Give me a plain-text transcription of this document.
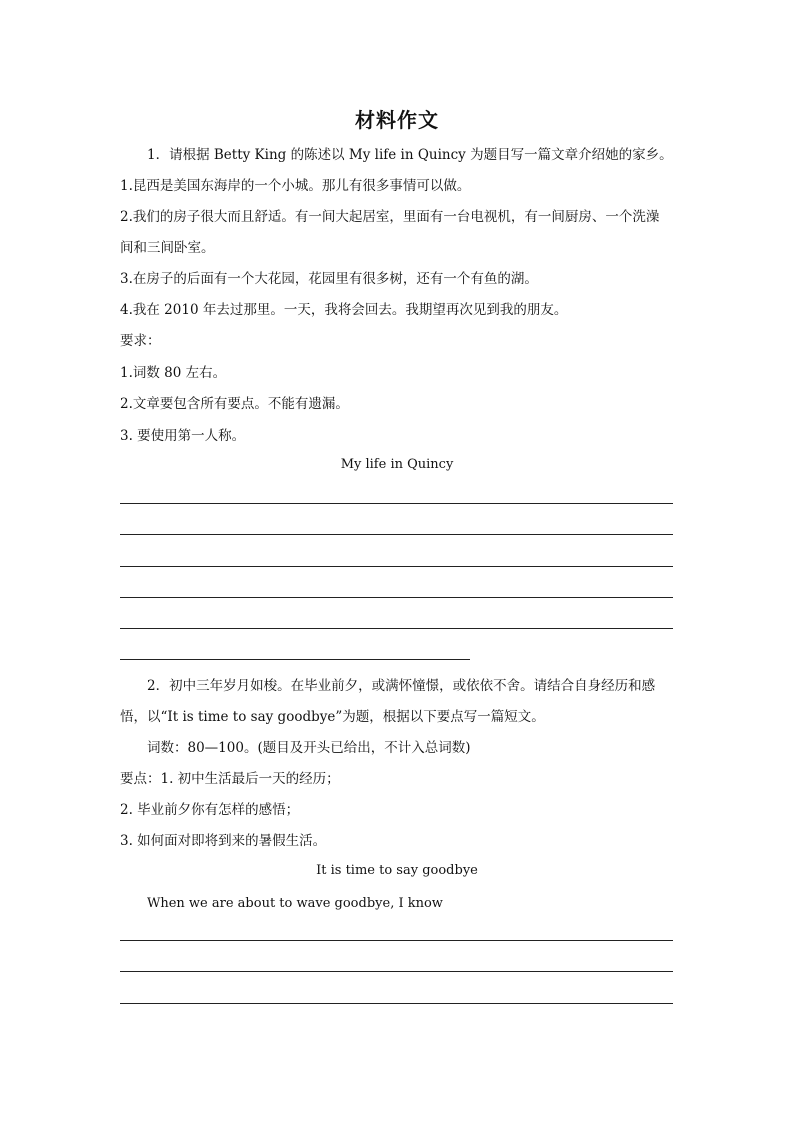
材料作文
1．请根据 Betty King 的陈述以 My life in Quincy 为题目写一篇文章介绍她的家乡。
1.昆西是美国东海岸的一个小城。那儿有很多事情可以做。
2.我们的房子很大而且舒适。有一间大起居室，里面有一台电视机，有一间厨房、一个洗澡
间和三间卧室。
3.在房子的后面有一个大花园，花园里有很多树，还有一个有鱼的湖。
4.我在 2010 年去过那里。一天，我将会回去。我期望再次见到我的朋友。
要求：
1.词数 80 左右。
2.文章要包含所有要点。不能有遗漏。
3. 要使用第一人称。
My life in Quincy
2．初中三年岁月如梭。在毕业前夕，或满怀憧憬，或依依不舍。请结合自身经历和感
悟，以“It is time to say goodbye”为题，根据以下要点写一篇短文。
词数：80—100。(题目及开头已给出，不计入总词数)
要点：1. 初中生活最后一天的经历；
2. 毕业前夕你有怎样的感悟；
3. 如何面对即将到来的暑假生活。
It is time to say goodbye
When we are about to wave goodbye, I know
